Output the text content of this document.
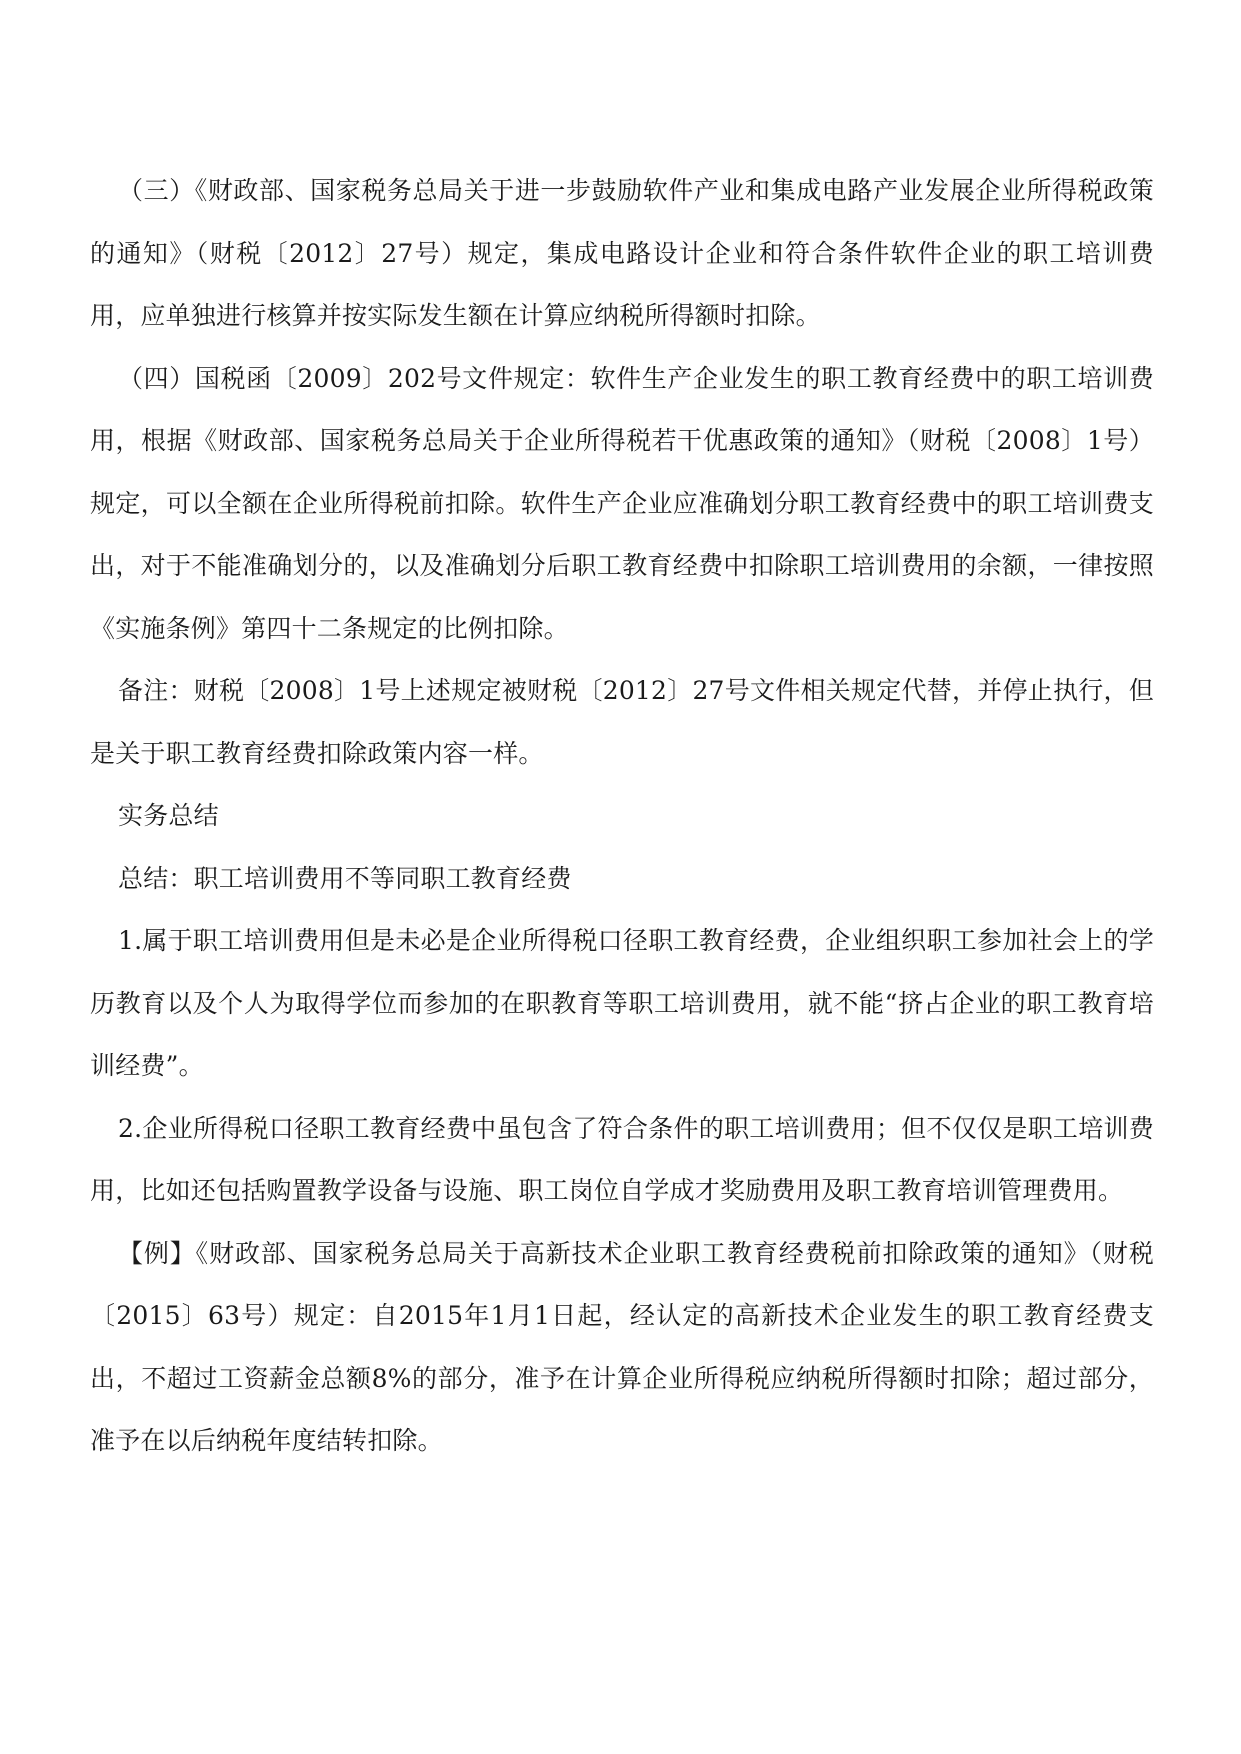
（三）《财政部、国家税务总局关于进一步鼓励软件产业和集成电路产业发展企业所得税政策的通知》（财税〔2012〕27号）规定，集成电路设计企业和符合条件软件企业的职工培训费用，应单独进行核算并按实际发生额在计算应纳税所得额时扣除。

（四）国税函〔2009〕202号文件规定：软件生产企业发生的职工教育经费中的职工培训费用，根据《财政部、国家税务总局关于企业所得税若干优惠政策的通知》（财税〔2008〕1号）规定，可以全额在企业所得税前扣除。软件生产企业应准确划分职工教育经费中的职工培训费支出，对于不能准确划分的，以及准确划分后职工教育经费中扣除职工培训费用的余额，一律按照《实施条例》第四十二条规定的比例扣除。

备注：财税〔2008〕1号上述规定被财税〔2012〕27号文件相关规定代替，并停止执行，但是关于职工教育经费扣除政策内容一样。

实务总结

总结：职工培训费用不等同职工教育经费

1.属于职工培训费用但是未必是企业所得税口径职工教育经费，企业组织职工参加社会上的学历教育以及个人为取得学位而参加的在职教育等职工培训费用，就不能“挤占企业的职工教育培训经费”。

2.企业所得税口径职工教育经费中虽包含了符合条件的职工培训费用；但不仅仅是职工培训费用，比如还包括购置教学设备与设施、职工岗位自学成才奖励费用及职工教育培训管理费用。

【例】《财政部、国家税务总局关于高新技术企业职工教育经费税前扣除政策的通知》（财税〔2015〕63号）规定：自2015年1月1日起，经认定的高新技术企业发生的职工教育经费支出，不超过工资薪金总额8%的部分，准予在计算企业所得税应纳税所得额时扣除；超过部分，准予在以后纳税年度结转扣除。
